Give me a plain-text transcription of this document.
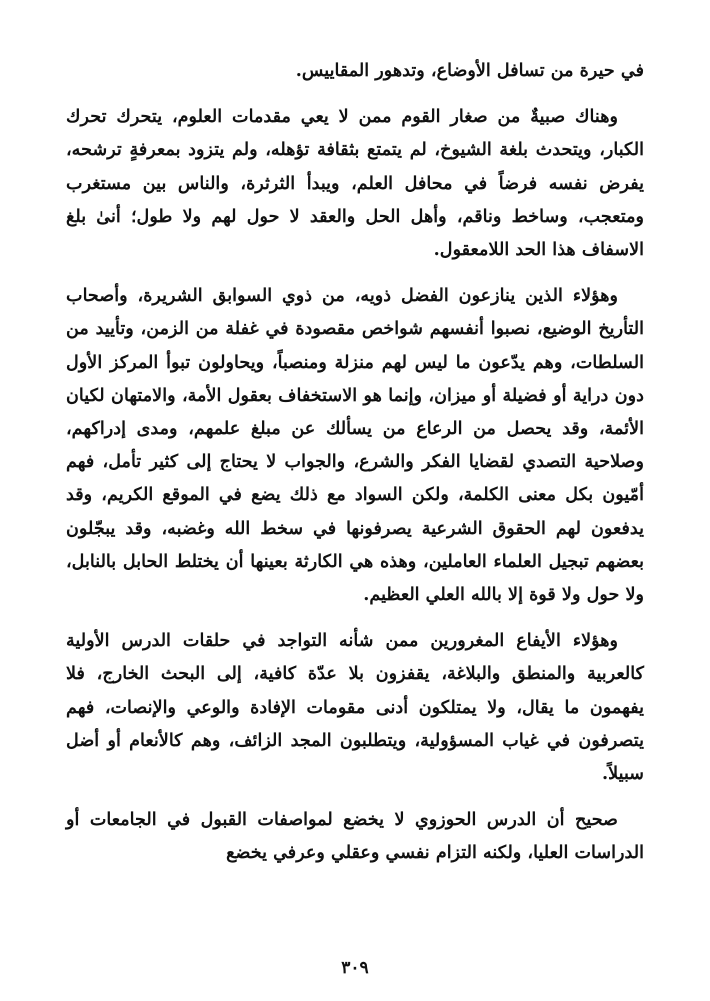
في حيرة من تسافل الأوضاع، وتدهور المقاييس.

وهناك صبيةٌ من صغار القوم ممن لا يعي مقدمات العلوم، يتحرك تحرك الكبار، ويتحدث بلغة الشيوخ، لم يتمتع بثقافة تؤهله، ولم يتزود بمعرفةٍ ترشحه، يفرض نفسه فرضاً في محافل العلم، ويبدأ الثرثرة، والناس بين مستغرب ومتعجب، وساخط وناقم، وأهل الحل والعقد لا حول لهم ولا طول؛ أنىٰ بلغ الاسفاف هذا الحد اللامعقول.

وهؤلاء الذين ينازعون الفضل ذويه، من ذوي السوابق الشريرة، وأصحاب التأريخ الوضيع، نصبوا أنفسهم شواخص مقصودة في غفلة من الزمن، وتأييد من السلطات، وهم يدّعون ما ليس لهم منزلة ومنصباً، ويحاولون تبوأ المركز الأول دون دراية أو فضيلة أو ميزان، وإنما هو الاستخفاف بعقول الأمة، والامتهان لكيان الأئمة، وقد يحصل من الرعاع من يسألك عن مبلغ علمهم، ومدى إدراكهم، وصلاحية التصدي لقضايا الفكر والشرع، والجواب لا يحتاج إلى كثير تأمل، فهم أمّيون بكل معنى الكلمة، ولكن السواد مع ذلك يضع في الموقع الكريم، وقد يدفعون لهم الحقوق الشرعية يصرفونها في سخط الله وغضبه، وقد يبجّلون بعضهم تبجيل العلماء العاملين، وهذه هي الكارثة بعينها أن يختلط الحابل بالنابل، ولا حول ولا قوة إلا بالله العلي العظيم.

وهؤلاء الأيفاع المغرورين ممن شأنه التواجد في حلقات الدرس الأولية كالعربية والمنطق والبلاغة، يقفزون بلا عدّة كافية، إلى البحث الخارج، فلا يفهمون ما يقال، ولا يمتلكون أدنى مقومات الإفادة والوعي والإنصات، فهم يتصرفون في غياب المسؤولية، ويتطلبون المجد الزائف، وهم كالأنعام أو أضل سبيلاً.

صحيح أن الدرس الحوزوي لا يخضع لمواصفات القبول في الجامعات أو الدراسات العليا، ولكنه التزام نفسي وعقلي وعرفي يخضع

٣٠٩
